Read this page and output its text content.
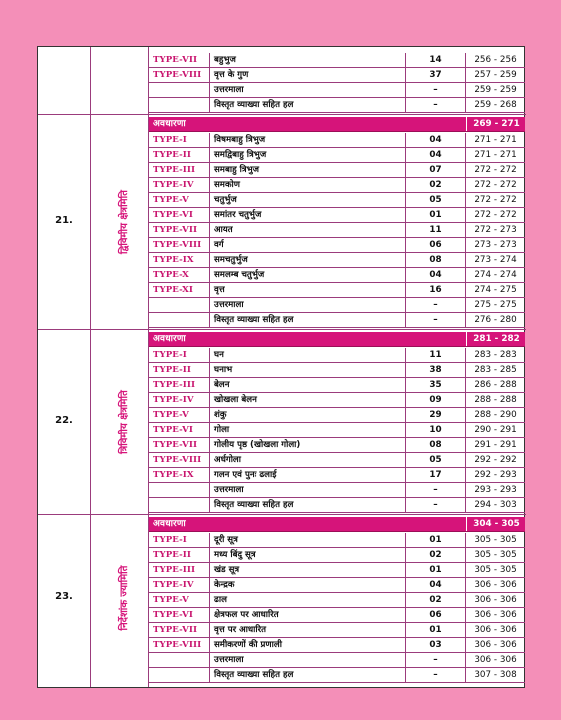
TYPE-VII	बहुभुज	14	256 - 256
TYPE-VIII	वृत्त के गुण	37	257 - 259
उत्तरमाला	–	259 - 259
विस्तृत व्याख्या सहित हल	–	259 - 268
अवधारणा	269 - 271
TYPE-I	विषमबाहु त्रिभुज	04	271 - 271
TYPE-II	समद्विबाहु त्रिभुज	04	271 - 271
TYPE-III	समबाहु त्रिभुज	07	272 - 272
TYPE-IV	समकोण	02	272 - 272
TYPE-V	चतुर्भुज	05	272 - 272
TYPE-VI	समांतर चतुर्भुज	01	272 - 272
TYPE-VII	आयत	11	272 - 273
TYPE-VIII	वर्ग	06	273 - 273
TYPE-IX	समचतुर्भुज	08	273 - 274
TYPE-X	समलम्ब चतुर्भुज	04	274 - 274
TYPE-XI	वृत्त	16	274 - 275
उत्तरमाला	–	275 - 275
विस्तृत व्याख्या सहित हल	–	276 - 280
21.	द्विविमीय क्षेत्रमिति
अवधारणा	281 - 282
TYPE-I	घन	11	283 - 283
TYPE-II	घनाभ	38	283 - 285
TYPE-III	बेलन	35	286 - 288
TYPE-IV	खोखला बेलन	09	288 - 288
TYPE-V	शंकु	29	288 - 290
TYPE-VI	गोला	10	290 - 291
TYPE-VII	गोलीय पृष्ठ (खोखला गोला)	08	291 - 291
TYPE-VIII	अर्धगोला	05	292 - 292
TYPE-IX	गलन एवं पुनः ढलाई	17	292 - 293
उत्तरमाला	–	293 - 293
विस्तृत व्याख्या सहित हल	–	294 - 303
22.	त्रिविमीय क्षेत्रमिति
अवधारणा	304 - 305
TYPE-I	दूरी सूत्र	01	305 - 305
TYPE-II	मध्य बिंदु सूत्र	02	305 - 305
TYPE-III	खंड सूत्र	01	305 - 305
TYPE-IV	केन्द्रक	04	306 - 306
TYPE-V	ढाल	02	306 - 306
TYPE-VI	क्षेत्रफल पर आधारित	06	306 - 306
TYPE-VII	वृत्त पर आधारित	01	306 - 306
TYPE-VIII	समीकरणों की प्रणाली	03	306 - 306
उत्तरमाला	–	306 - 306
विस्तृत व्याख्या सहित हल	–	307 - 308
23.	निर्देशांक ज्यामिति
